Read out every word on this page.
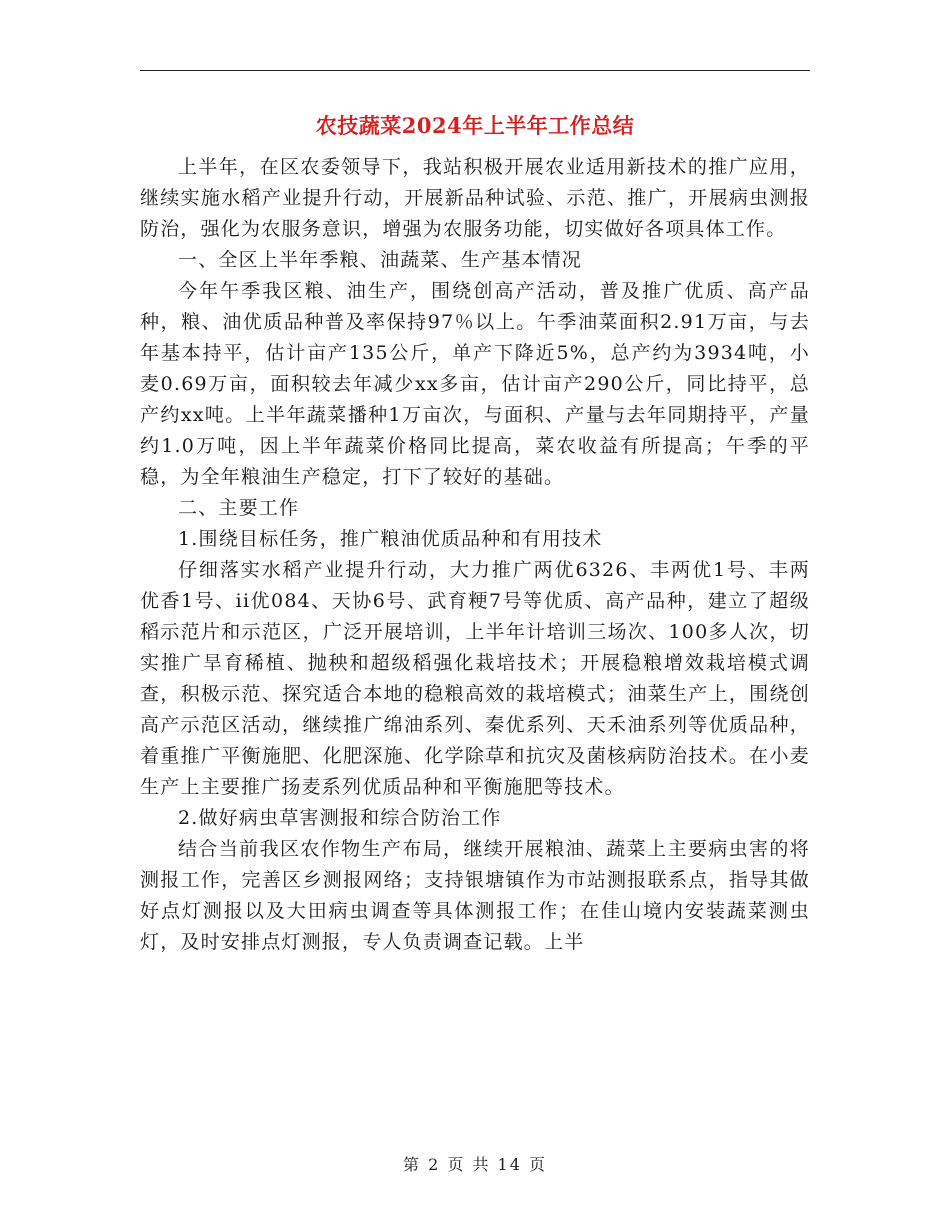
农技蔬菜2024年上半年工作总结

上半年，在区农委领导下，我站积极开展农业适用新技术的推广应用，继续实施水稻产业提升行动，开展新品种试验、示范、推广，开展病虫测报防治，强化为农服务意识，增强为农服务功能，切实做好各项具体工作。

一、全区上半年季粮、油蔬菜、生产基本情况

今年午季我区粮、油生产，围绕创高产活动，普及推广优质、高产品种，粮、油优质品种普及率保持97％以上。午季油菜面积2.91万亩，与去年基本持平，估计亩产135公斤，单产下降近5%，总产约为3934吨，小麦0.69万亩，面积较去年减少xx多亩，估计亩产290公斤，同比持平，总产约xx吨。上半年蔬菜播种1万亩次，与面积、产量与去年同期持平，产量约1.0万吨，因上半年蔬菜价格同比提高，菜农收益有所提高；午季的平稳，为全年粮油生产稳定，打下了较好的基础。

二、主要工作

1.围绕目标任务，推广粮油优质品种和有用技术

仔细落实水稻产业提升行动，大力推广两优6326、丰两优1号、丰两优香1号、ii优084、天协6号、武育粳7号等优质、高产品种，建立了超级稻示范片和示范区，广泛开展培训，上半年计培训三场次、100多人次，切实推广旱育稀植、抛秧和超级稻强化栽培技术；开展稳粮增效栽培模式调查，积极示范、探究适合本地的稳粮高效的栽培模式；油菜生产上，围绕创高产示范区活动，继续推广绵油系列、秦优系列、天禾油系列等优质品种，着重推广平衡施肥、化肥深施、化学除草和抗灾及菌核病防治技术。在小麦生产上主要推广扬麦系列优质品种和平衡施肥等技术。

2.做好病虫草害测报和综合防治工作

结合当前我区农作物生产布局，继续开展粮油、蔬菜上主要病虫害的将测报工作，完善区乡测报网络；支持银塘镇作为市站测报联系点，指导其做好点灯测报以及大田病虫调查等具体测报工作；在佳山境内安装蔬菜测虫灯，及时安排点灯测报，专人负责调查记载。上半

第 2 页 共 14 页
